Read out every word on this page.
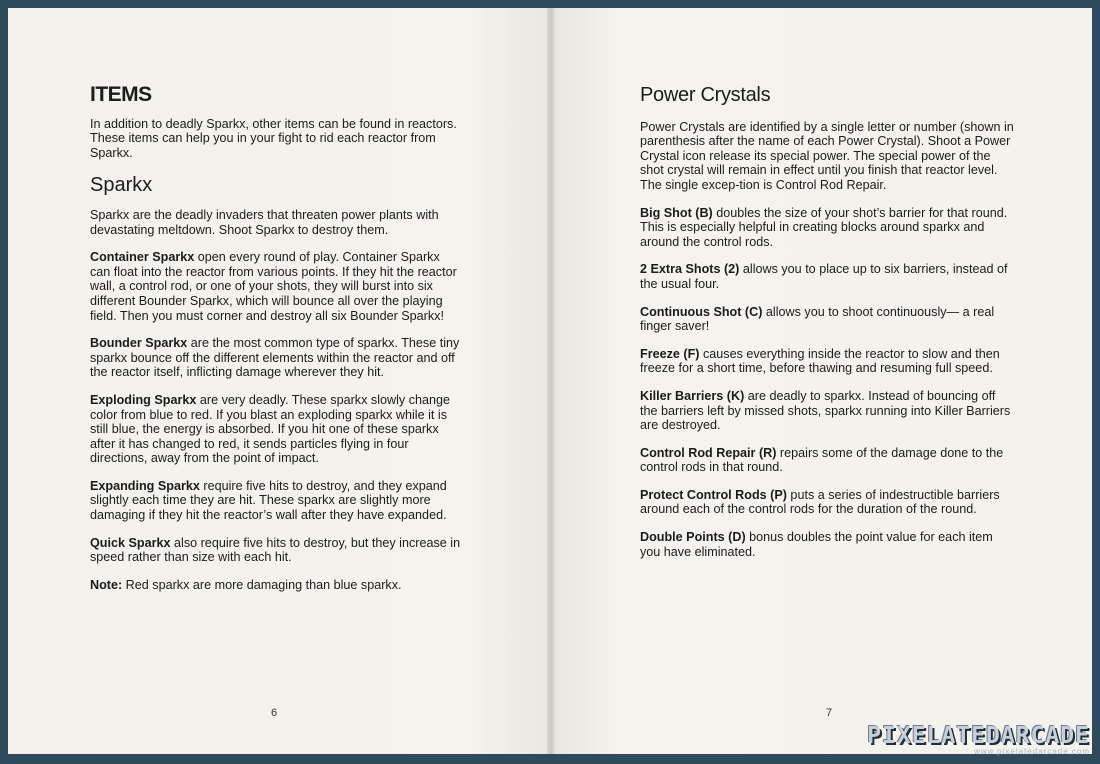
ITEMS

In addition to deadly Sparkx, other items can be found in reactors. These items can help you in your fight to rid each reactor from Sparkx.

Sparkx

Sparkx are the deadly invaders that threaten power plants with devastating meltdown. Shoot Sparkx to destroy them.

Container Sparkx open every round of play. Container Sparkx can float into the reactor from various points. If they hit the reactor wall, a control rod, or one of your shots, they will burst into six different Bounder Sparkx, which will bounce all over the playing field. Then you must corner and destroy all six Bounder Sparkx!

Bounder Sparkx are the most common type of sparkx. These tiny sparkx bounce off the different elements within the reactor and off the reactor itself, inflicting damage wherever they hit.

Exploding Sparkx are very deadly. These sparkx slowly change color from blue to red. If you blast an exploding sparkx while it is still blue, the energy is absorbed. If you hit one of these sparkx after it has changed to red, it sends particles flying in four directions, away from the point of impact.

Expanding Sparkx require five hits to destroy, and they expand slightly each time they are hit. These sparkx are slightly more damaging if they hit the reactor’s wall after they have expanded.

Quick Sparkx also require five hits to destroy, but they increase in speed rather than size with each hit.

Note: Red sparkx are more damaging than blue sparkx.

6
Power Crystals

Power Crystals are identified by a single letter or number (shown in parenthesis after the name of each Power Crystal). Shoot a Power Crystal icon release its special power. The special power of the shot crystal will remain in effect until you finish that reactor level. The single excep-tion is Control Rod Repair.

Big Shot (B) doubles the size of your shot’s barrier for that round. This is especially helpful in creating blocks around sparkx and around the control rods.

2 Extra Shots (2) allows you to place up to six barriers, instead of the usual four.

Continuous Shot (C) allows you to shoot continuously— a real finger saver!

Freeze (F) causes everything inside the reactor to slow and then freeze for a short time, before thawing and resuming full speed.

Killer Barriers (K) are deadly to sparkx. Instead of bouncing off the barriers left by missed shots, sparkx running into Killer Barriers are destroyed.

Control Rod Repair (R) repairs some of the damage done to the control rods in that round.

Protect Control Rods (P) puts a series of indestructible barriers around each of the control rods for the duration of the round.

Double Points (D) bonus doubles the point value for each item you have eliminated.

7
PIXELATEDARCADE
www.pixelatedarcade.com
